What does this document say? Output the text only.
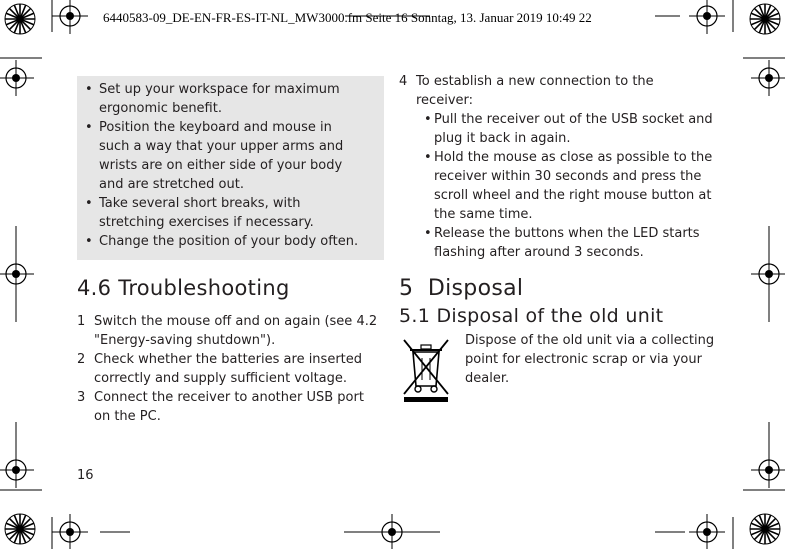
6440583-09_DE-EN-FR-ES-IT-NL_MW3000.fm Seite 16 Sonntag, 13. Januar 2019 10:49 22
• Set up your workspace for maximum ergonomic benefit.
• Position the keyboard and mouse in such a way that your upper arms and wrists are on either side of your body and are stretched out.
• Take several short breaks, with stretching exercises if necessary.
• Change the position of your body often.
4.6 Troubleshooting
1 Switch the mouse off and on again (see 4.2 "Energy-saving shutdown").
2 Check whether the batteries are inserted correctly and supply sufficient voltage.
3 Connect the receiver to another USB port on the PC.
4 To establish a new connection to the receiver:
• Pull the receiver out of the USB socket and plug it back in again.
• Hold the mouse as close as possible to the receiver within 30 seconds and press the scroll wheel and the right mouse button at the same time.
• Release the buttons when the LED starts flashing after around 3 seconds.
5  Disposal
5.1 Disposal of the old unit
Dispose of the old unit via a collecting point for electronic scrap or via your dealer.
16
